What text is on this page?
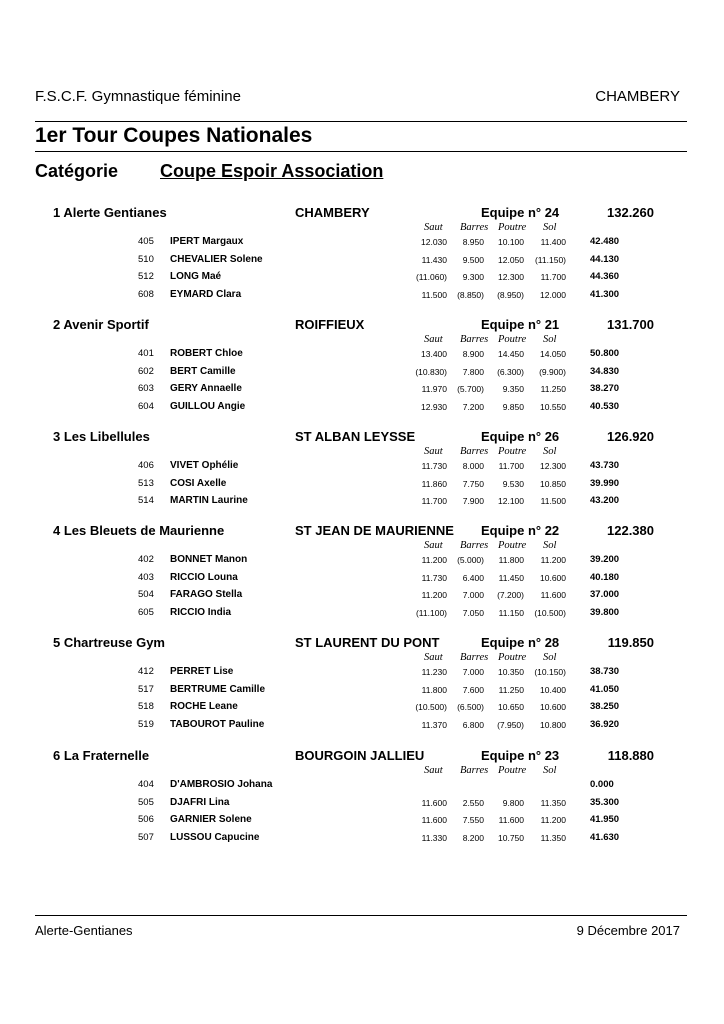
F.S.C.F. Gymnastique féminine	CHAMBERY
1er Tour Coupes Nationales
Catégorie Coupe Espoir Association
1 Alerte Gentianes	CHAMBERY	Equipe n° 24	132.260
Saut Barres Poutre Sol
405 IPERT Margaux	12.030 8.950 10.100 11.400	42.480
510 CHEVALIER Solene	11.430 9.500 12.050 (11.150)	44.130
512 LONG Maé	(11.060) 9.300 12.300 11.700	44.360
608 EYMARD Clara	11.500 (8.850) (8.950) 12.000	41.300
2 Avenir Sportif	ROIFFIEUX	Equipe n° 21	131.700
Saut Barres Poutre Sol
401 ROBERT Chloe	13.400 8.900 14.450 14.050	50.800
602 BERT Camille	(10.830) 7.800 (6.300) (9.900)	34.830
603 GERY Annaelle	11.970 (5.700) 9.350 11.250	38.270
604 GUILLOU Angie	12.930 7.200 9.850 10.550	40.530
3 Les Libellules	ST ALBAN LEYSSE	Equipe n° 26	126.920
Saut Barres Poutre Sol
406 VIVET Ophélie	11.730 8.000 11.700 12.300	43.730
513 COSI Axelle	11.860 7.750 9.530 10.850	39.990
514 MARTIN Laurine	11.700 7.900 12.100 11.500	43.200
4 Les Bleuets de Maurienne	ST JEAN DE MAURIENNE Equipe n° 22	122.380
Saut Barres Poutre Sol
402 BONNET Manon	11.200 (5.000) 11.800 11.200	39.200
403 RICCIO Louna	11.730 6.400 11.450 10.600	40.180
504 FARAGO Stella	11.200 7.000 (7.200) 11.600	37.000
605 RICCIO India	(11.100) 7.050 11.150 (10.500)	39.800
5 Chartreuse Gym	ST LAURENT DU PONT	Equipe n° 28	119.850
Saut Barres Poutre Sol
412 PERRET Lise	11.230 7.000 10.350 (10.150)	38.730
517 BERTRUME Camille	11.800 7.600 11.250 10.400	41.050
518 ROCHE Leane	(10.500) (6.500) 10.650 10.600	38.250
519 TABOUROT Pauline	11.370 6.800 (7.950) 10.800	36.920
6 La Fraternelle	BOURGOIN JALLIEU	Equipe n° 23	118.880
Saut Barres Poutre Sol
404 D'AMBROSIO Johana	0.000
505 DJAFRI Lina	11.600 2.550 9.800 11.350	35.300
506 GARNIER Solene	11.600 7.550 11.600 11.200	41.950
507 LUSSOU Capucine	11.330 8.200 10.750 11.350	41.630
Alerte-Gentianes	9 Décembre 2017
